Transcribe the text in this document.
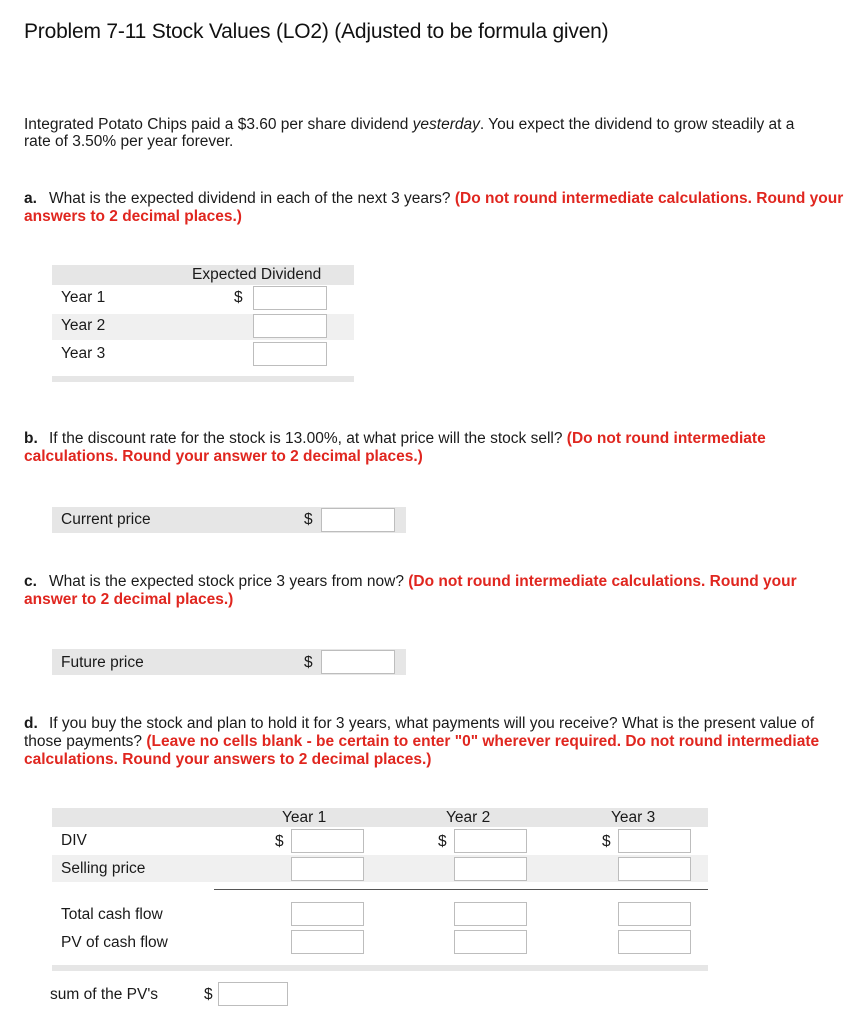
Problem 7-11 Stock Values (LO2) (Adjusted to be formula given)
Integrated Potato Chips paid a $3.60 per share dividend yesterday. You expect the dividend to grow steadily at a rate of 3.50% per year forever.
a. What is the expected dividend in each of the next 3 years? (Do not round intermediate calculations. Round your answers to 2 decimal places.)
Expected Dividend
Year 1	$
Year 2
Year 3
b. If the discount rate for the stock is 13.00%, at what price will the stock sell? (Do not round intermediate calculations. Round your answer to 2 decimal places.)
Current price	$
c. What is the expected stock price 3 years from now? (Do not round intermediate calculations. Round your answer to 2 decimal places.)
Future price	$
d. If you buy the stock and plan to hold it for 3 years, what payments will you receive? What is the present value of those payments? (Leave no cells blank - be certain to enter "0" wherever required. Do not round intermediate calculations. Round your answers to 2 decimal places.)
Year 1	Year 2	Year 3
DIV	$	$	$
Selling price
Total cash flow
PV of cash flow
sum of the PV's	$
